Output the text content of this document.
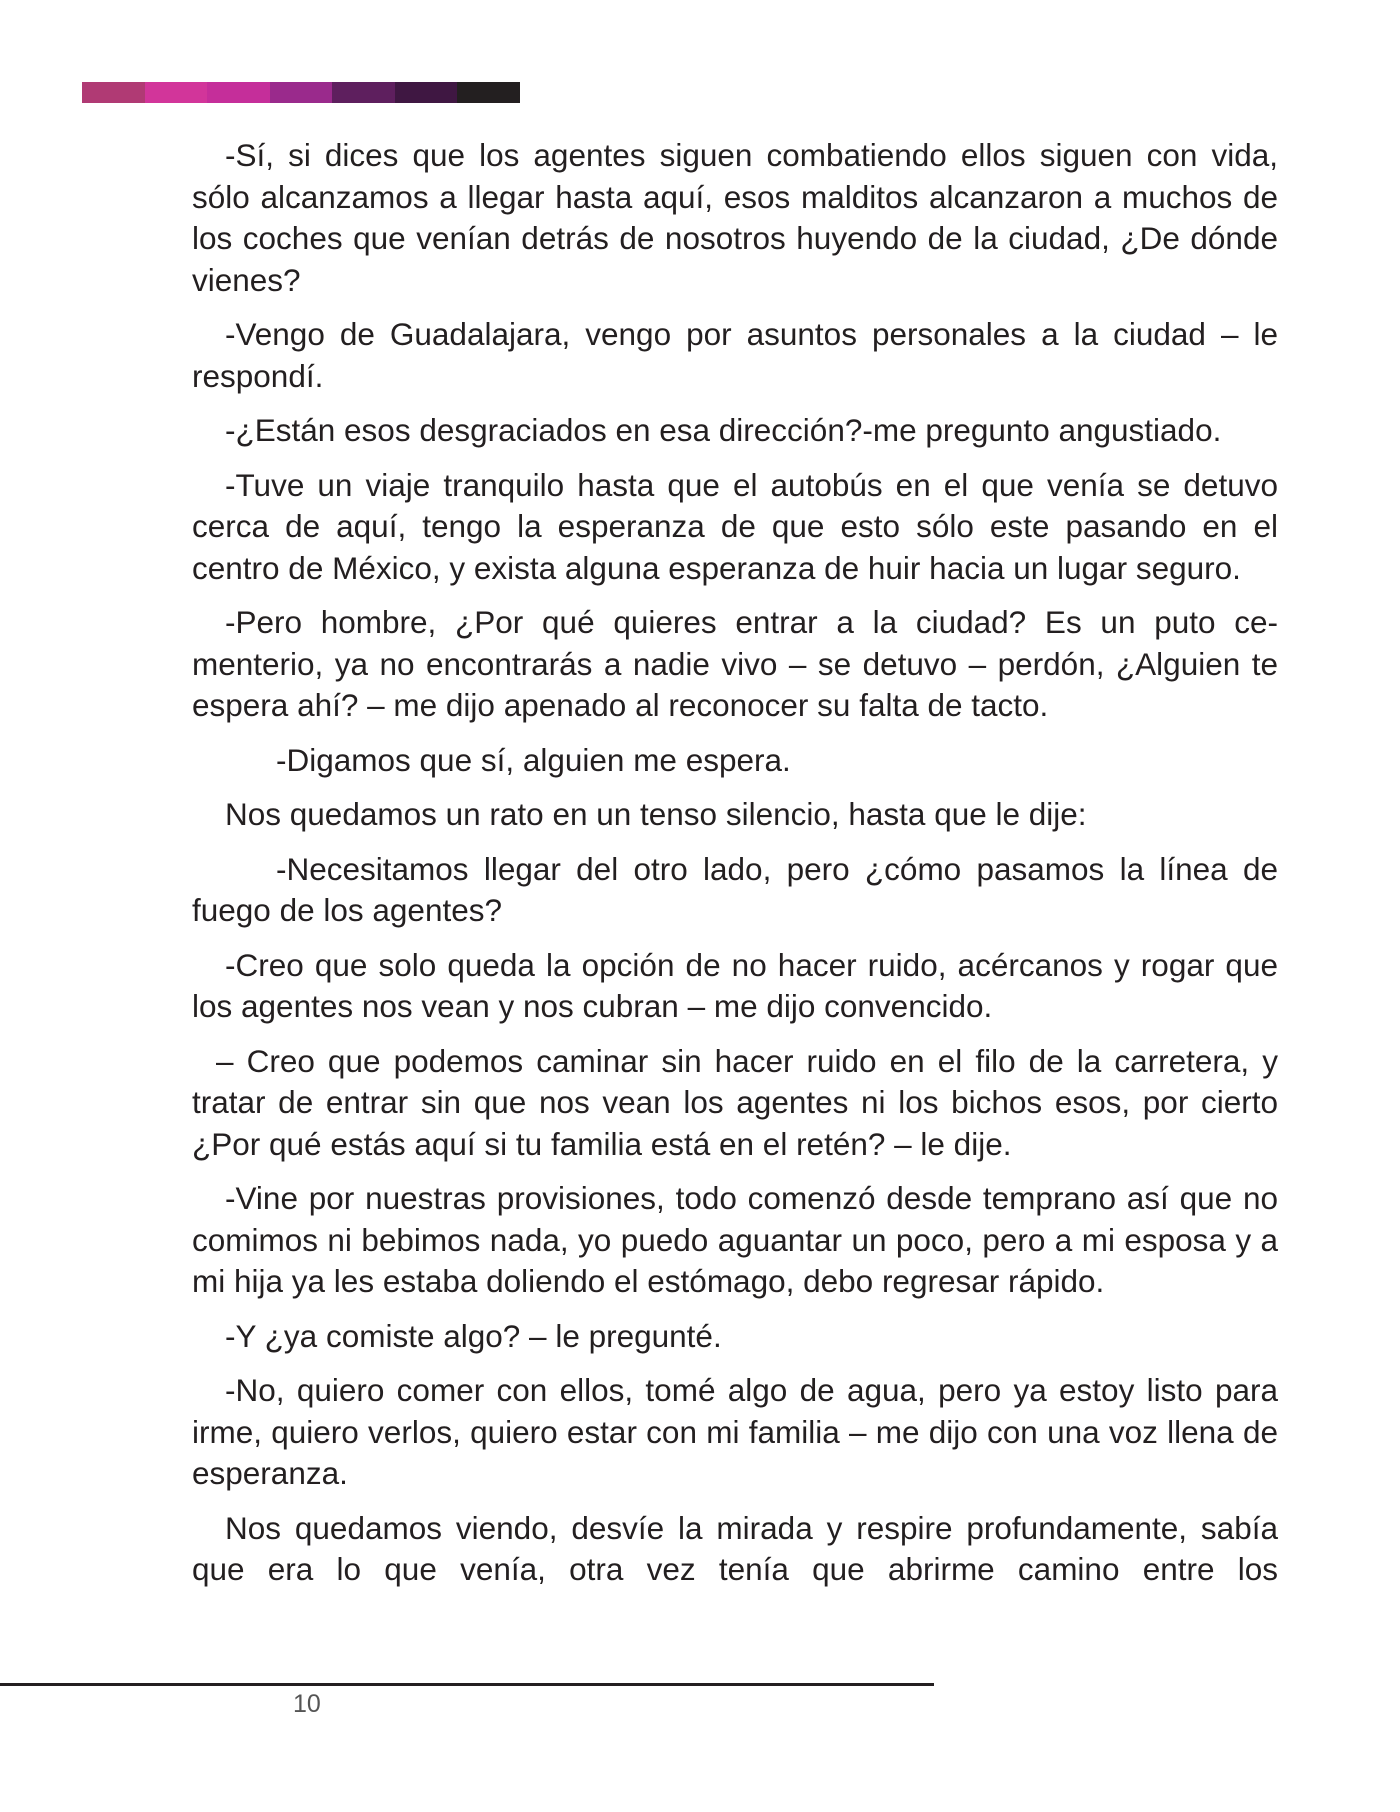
-Sí, si dices que los agentes siguen combatiendo ellos siguen con vida, sólo alcanzamos a llegar hasta aquí, esos malditos alcanzaron a muchos de los coches que venían detrás de nosotros huyendo de la ciudad, ¿De dónde vienes?

-Vengo de Guadalajara, vengo por asuntos personales a la ciudad – le respondí.

-¿Están esos desgraciados en esa dirección?-me pregunto angustiado.

-Tuve un viaje tranquilo hasta que el autobús en el que venía se detuvo cerca de aquí, tengo la esperanza de que esto sólo este pasando en el centro de México, y exista alguna esperanza de huir hacia un lugar seguro.

-Pero hombre, ¿Por qué quieres entrar a la ciudad? Es un puto cementerio, ya no encontrarás a nadie vivo – se detuvo – perdón, ¿Alguien te espera ahí? – me dijo apenado al reconocer su falta de tacto.

-Digamos que sí, alguien me espera.

Nos quedamos un rato en un tenso silencio, hasta que le dije:

-Necesitamos llegar del otro lado, pero ¿cómo pasamos la línea de fuego de los agentes?

-Creo que solo queda la opción de no hacer ruido, acércanos y rogar que los agentes nos vean y nos cubran – me dijo convencido.

– Creo que podemos caminar sin hacer ruido en el filo de la carretera, y tratar de entrar sin que nos vean los agentes ni los bichos esos, por cierto ¿Por qué estás aquí si tu familia está en el retén? – le dije.

-Vine por nuestras provisiones, todo comenzó desde temprano así que no comimos ni bebimos nada, yo puedo aguantar un poco, pero a mi esposa y a mi hija ya les estaba doliendo el estómago, debo regresar rápido.

-Y ¿ya comiste algo? – le pregunté.

-No, quiero comer con ellos, tomé algo de agua, pero ya estoy listo para irme, quiero verlos, quiero estar con mi familia – me dijo con una voz llena de esperanza.

Nos quedamos viendo, desvíe la mirada y respire profundamente, sabía que era lo que venía, otra vez tenía que abrirme camino entre los

10
